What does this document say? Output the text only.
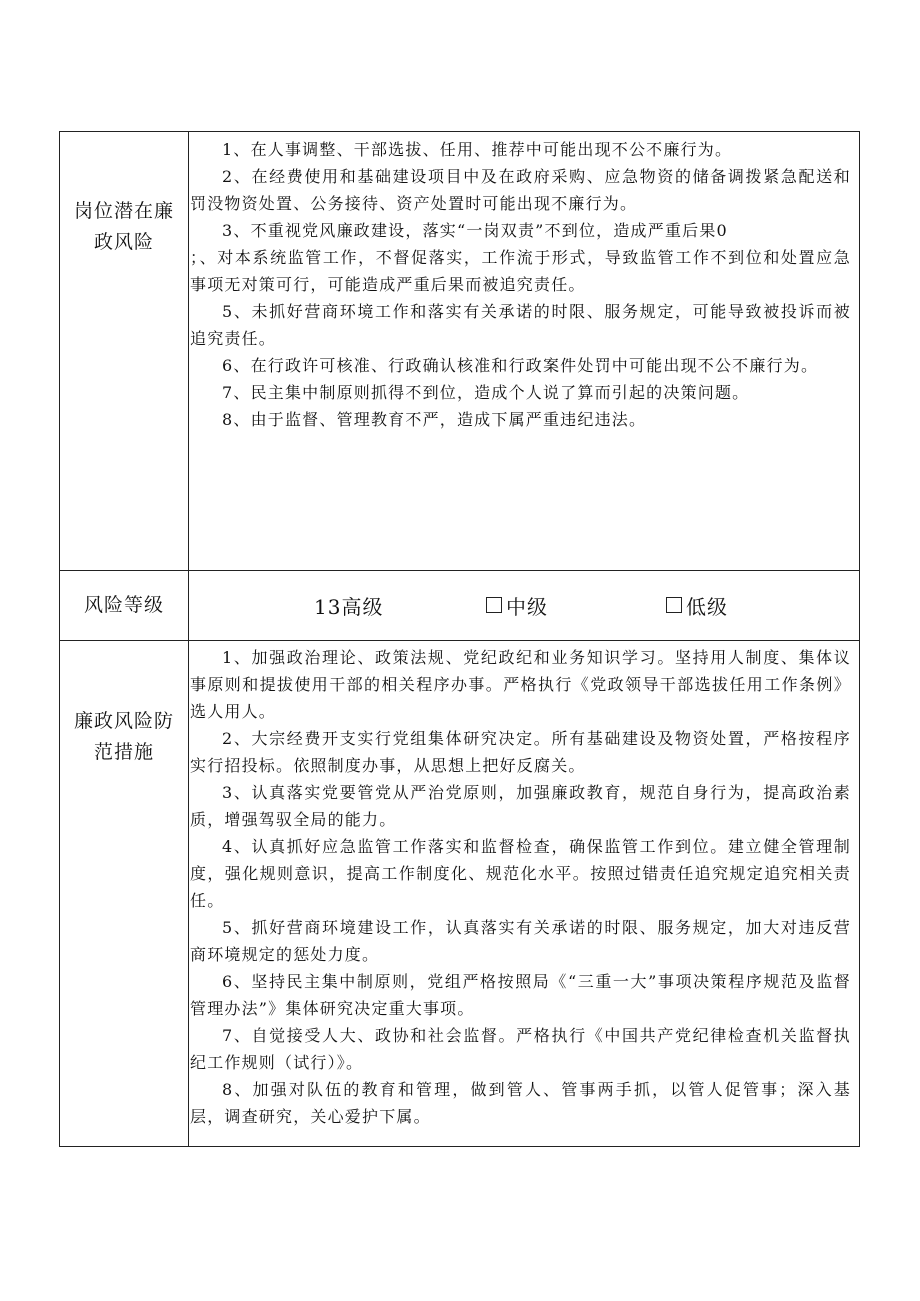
岗位潜在廉政风险

1、在人事调整、干部选拔、任用、推荐中可能出现不公不廉行为。

2、在经费使用和基础建设项目中及在政府采购、应急物资的储备调拨紧急配送和罚没物资处置、公务接待、资产处置时可能出现不廉行为。

3、不重视党风廉政建设，落实“一岗双责”不到位，造成严重后果0

；、对本系统监管工作，不督促落实，工作流于形式，导致监管工作不到位和处置应急事项无对策可行，可能造成严重后果而被追究责任。

5、未抓好营商环境工作和落实有关承诺的时限、服务规定，可能导致被投诉而被追究责任。

6、在行政许可核准、行政确认核准和行政案件处罚中可能出现不公不廉行为。

7、民主集中制原则抓得不到位，造成个人说了算而引起的决策问题。

8、由于监督、管理教育不严，造成下属严重违纪违法。

风险等级	13高级	中级	低级
廉政风险防范措施

1、加强政治理论、政策法规、党纪政纪和业务知识学习。坚持用人制度、集体议事原则和提拔使用干部的相关程序办事。严格执行《党政领导干部选拔任用工作条例》选人用人。

2、大宗经费开支实行党组集体研究决定。所有基础建设及物资处置，严格按程序实行招投标。依照制度办事，从思想上把好反腐关。

3、认真落实党要管党从严治党原则，加强廉政教育，规范自身行为，提高政治素质，增强驾驭全局的能力。

4、认真抓好应急监管工作落实和监督检查，确保监管工作到位。建立健全管理制度，强化规则意识，提高工作制度化、规范化水平。按照过错责任追究规定追究相关责任。

5、抓好营商环境建设工作，认真落实有关承诺的时限、服务规定，加大对违反营商环境规定的惩处力度。

6、坚持民主集中制原则，党组严格按照局《“三重一大”事项决策程序规范及监督管理办法”》集体研究决定重大事项。

7、自觉接受人大、政协和社会监督。严格执行《中国共产党纪律检查机关监督执纪工作规则（试行）》。

8、加强对队伍的教育和管理，做到管人、管事两手抓，以管人促管事；深入基层，调查研究，关心爱护下属。
